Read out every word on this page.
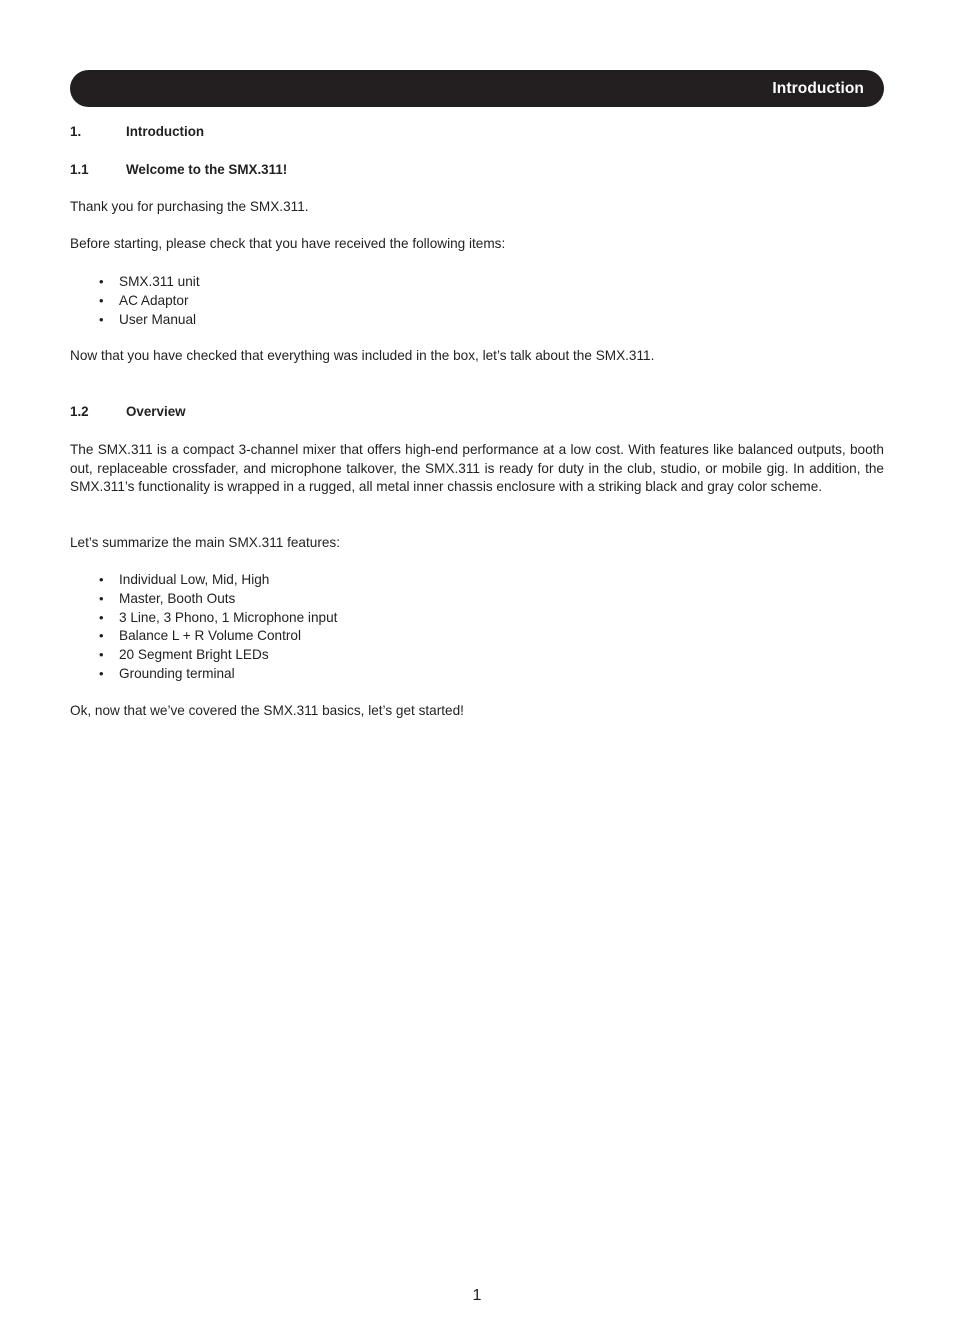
Introduction
1.	Introduction
1.1	Welcome to the SMX.311!

Thank you for purchasing the SMX.311.

Before starting, please check that you have received the following items:

• SMX.311 unit
• AC Adaptor
• User Manual

Now that you have checked that everything was included in the box, let’s talk about the SMX.311.

1.2	Overview

The SMX.311 is a compact 3-channel mixer that offers high-end performance at a low cost. With features like balanced outputs, booth out, replaceable crossfader, and microphone talkover, the SMX.311 is ready for duty in the club, studio, or mobile gig. In addition, the SMX.311’s functionality is wrapped in a rugged, all metal inner chassis enclosure with a striking black and gray color scheme.

Let’s summarize the main SMX.311 features:

• Individual Low, Mid, High
• Master, Booth Outs
• 3 Line, 3 Phono, 1 Microphone input
• Balance L + R Volume Control
• 20 Segment Bright LEDs
• Grounding terminal

Ok, now that we’ve covered the SMX.311 basics, let’s get started!

1
